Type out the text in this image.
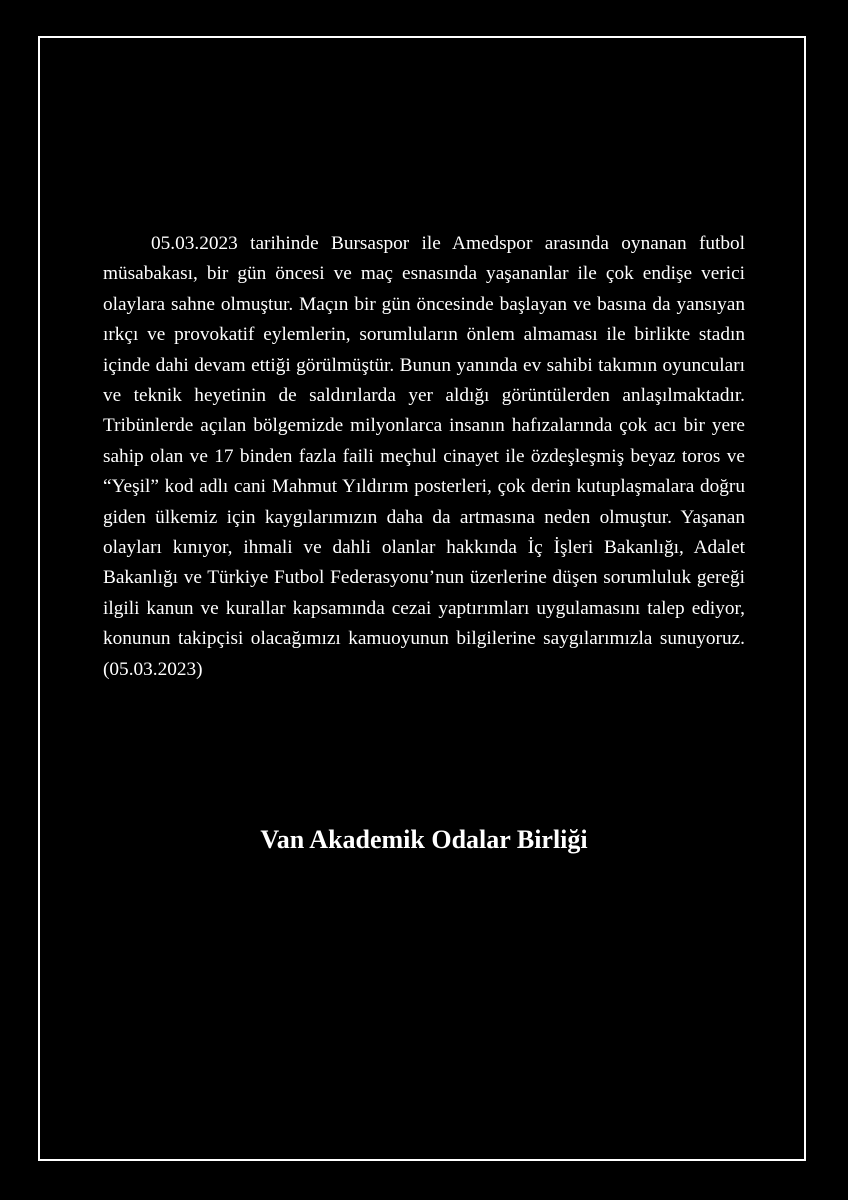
05.03.2023 tarihinde Bursaspor ile Amedspor arasında oynanan futbol müsabakası, bir gün öncesi ve maç esnasında yaşananlar ile çok endişe verici olaylara sahne olmuştur. Maçın bir gün öncesinde başlayan ve basına da yansıyan ırkçı ve provokatif eylemlerin, sorumluların önlem almaması ile birlikte stadın içinde dahi devam ettiği görülmüştür. Bunun yanında ev sahibi takımın oyuncuları ve teknik heyetinin de saldırılarda yer aldığı görüntülerden anlaşılmaktadır. Tribünlerde açılan bölgemizde milyonlarca insanın hafızalarında çok acı bir yere sahip olan ve 17 binden fazla faili meçhul cinayet ile özdeşleşmiş beyaz toros ve “Yeşil” kod adlı cani Mahmut Yıldırım posterleri, çok derin kutuplaşmalara doğru giden ülkemiz için kaygılarımızın daha da artmasına neden olmuştur. Yaşanan olayları kınıyor, ihmali ve dahli olanlar hakkında İç İşleri Bakanlığı, Adalet Bakanlığı ve Türkiye Futbol Federasyonu’nun üzerlerine düşen sorumluluk gereği ilgili kanun ve kurallar kapsamında cezai yaptırımları uygulamasını talep ediyor, konunun takipçisi olacağımızı kamuoyunun bilgilerine saygılarımızla sunuyoruz. (05.03.2023)

Van Akademik Odalar Birliği
